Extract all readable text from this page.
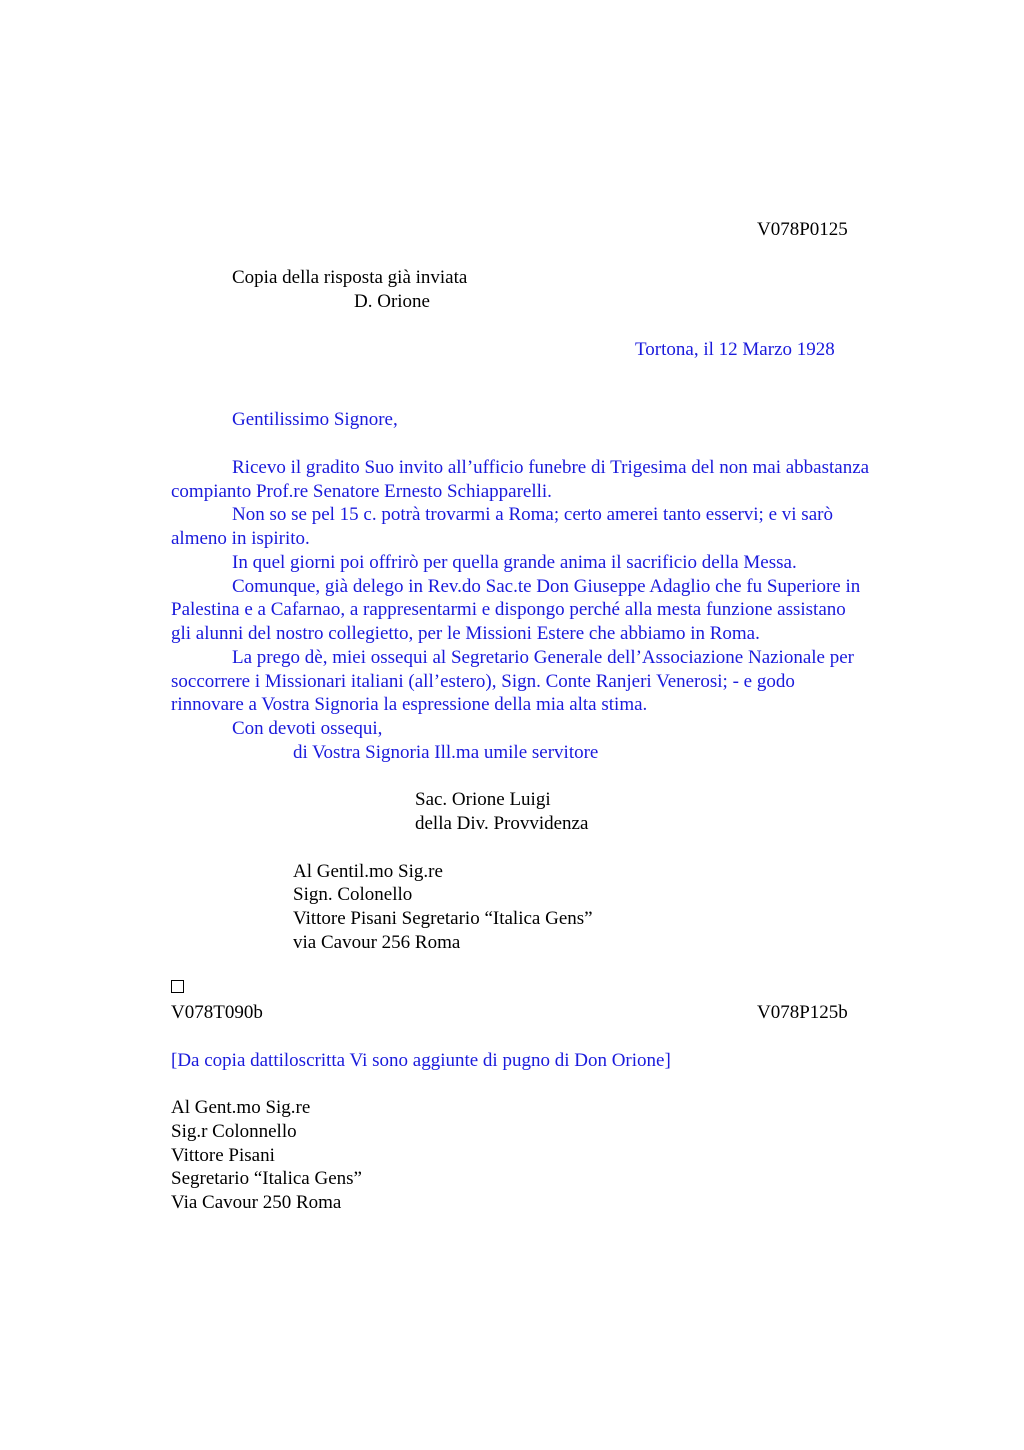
V078P0125
Copia della risposta già inviata
D. Orione
Tortona, il 12 Marzo 1928
Gentilissimo Signore,
Ricevo il gradito Suo invito all’ufficio funebre di Trigesima del non mai abbastanza
compianto Prof.re Senatore Ernesto Schiapparelli.
Non so se pel 15 c. potrà trovarmi a Roma; certo amerei tanto esservi; e vi sarò
almeno in ispirito.
In quel giorni poi offrirò per quella grande anima il sacrificio della Messa.
Comunque, già delego in Rev.do Sac.te Don Giuseppe Adaglio che fu Superiore in
Palestina e a Cafarnao, a rappresentarmi e dispongo perché alla mesta funzione assistano
gli alunni del nostro collegietto, per le Missioni Estere che abbiamo in Roma.
La prego dè, miei ossequi al Segretario Generale dell’Associazione Nazionale per
soccorrere i Missionari italiani (all’estero), Sign. Conte Ranjeri Venerosi; - e godo
rinnovare a Vostra Signoria la espressione della mia alta stima.
Con devoti ossequi,
di Vostra Signoria Ill.ma umile servitore
Sac. Orione Luigi
della Div. Provvidenza
Al Gentil.mo Sig.re
Sign. Colonello
Vittore Pisani Segretario “Italica Gens”
via Cavour 256 Roma
V078T090b	V078P125b
[Da copia dattiloscritta Vi sono aggiunte di pugno di Don Orione]
Al Gent.mo Sig.re
Sig.r Colonnello
Vittore Pisani
Segretario “Italica Gens”
Via Cavour 250 Roma
